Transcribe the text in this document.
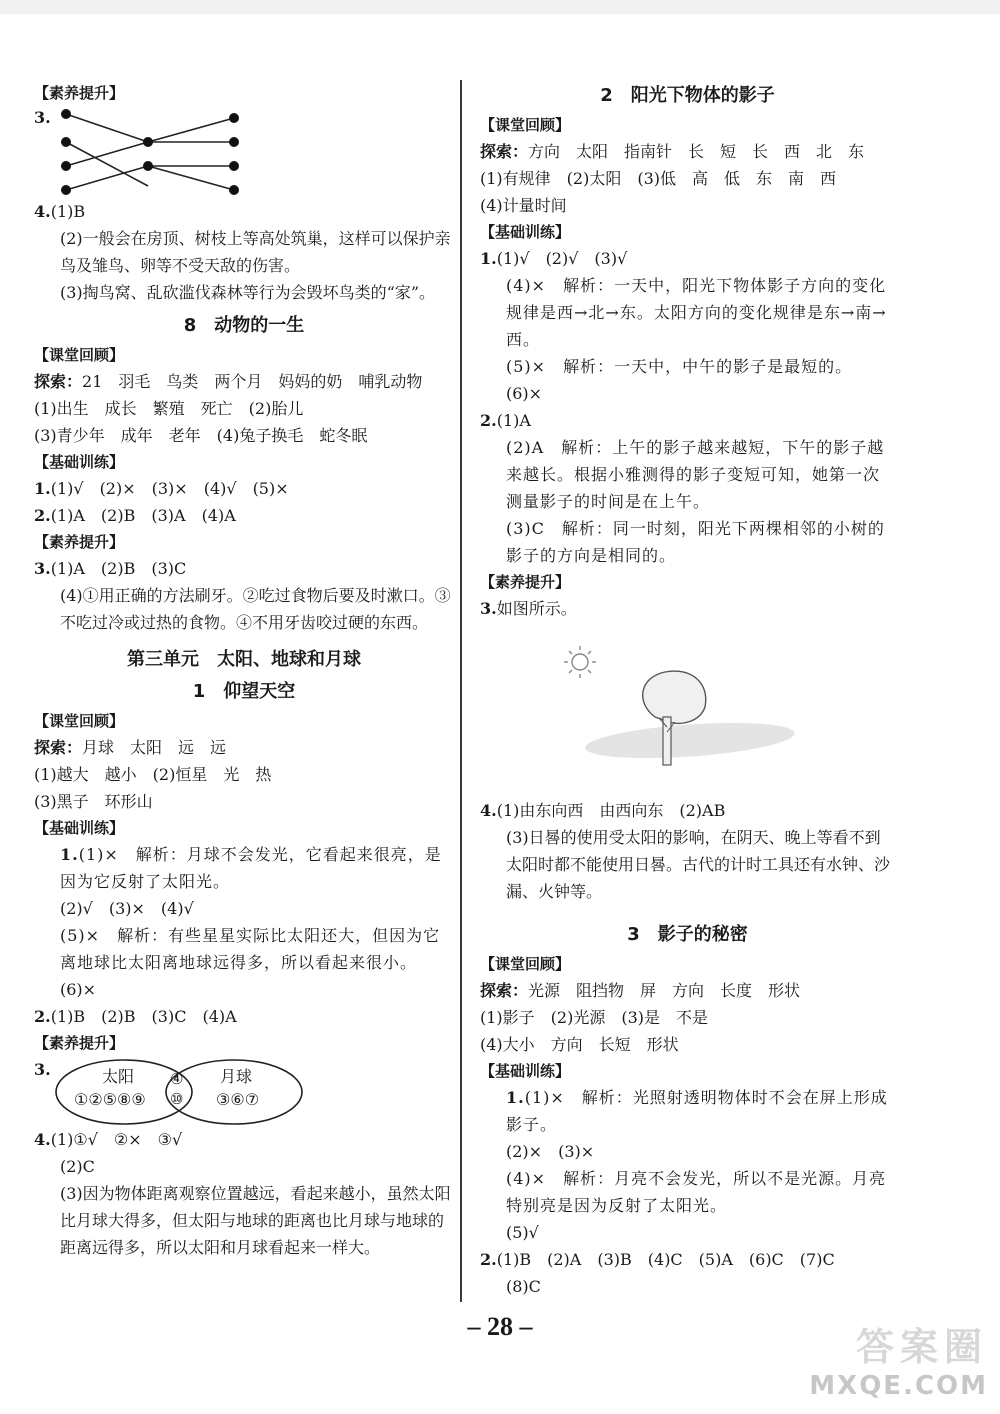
【素养提升】
3.
4.(1)B
(2)一般会在房顶、树枝上等高处筑巢，这样可以保护亲鸟及雏鸟、卵等不受天敌的伤害。
(3)掏鸟窝、乱砍滥伐森林等行为会毁坏鸟类的“家”。
8　动物的一生
【课堂回顾】
探索：21　羽毛　鸟类　两个月　妈妈的奶　哺乳动物
(1)出生　成长　繁殖　死亡　(2)胎儿
(3)青少年　成年　老年　(4)兔子换毛　蛇冬眠
【基础训练】
1.(1)√　(2)×　(3)×　(4)√　(5)×
2.(1)A　(2)B　(3)A　(4)A
【素养提升】
3.(1)A　(2)B　(3)C
(4)①用正确的方法刷牙。②吃过食物后要及时漱口。③不吃过冷或过热的食物。④不用牙齿咬过硬的东西。
第三单元　太阳、地球和月球
1　仰望天空
【课堂回顾】
探索：月球　太阳　远　远
(1)越大　越小　(2)恒星　光　热
(3)黑子　环形山
【基础训练】
1.(1)×　解析：月球不会发光，它看起来很亮，是因为它反射了太阳光。
(2)√　(3)×　(4)√
(5)×　解析：有些星星实际比太阳还大，但因为它离地球比太阳离地球远得多，所以看起来很小。
(6)×
2.(1)B　(2)B　(3)C　(4)A
【素养提升】
3.	太阳
①②⑤⑧⑨
④
⑩
月球
③⑥⑦
4.(1)①√　②×　③√
(2)C
(3)因为物体距离观察位置越远，看起来越小，虽然太阳比月球大得多，但太阳与地球的距离也比月球与地球的距离远得多，所以太阳和月球看起来一样大。
2　阳光下物体的影子
【课堂回顾】
探索：方向　太阳　指南针　长　短　长　西　北　东
(1)有规律　(2)太阳　(3)低　高　低　东　南　西
(4)计量时间
【基础训练】
1.(1)√　(2)√　(3)√
(4)×　解析：一天中，阳光下物体影子方向的变化规律是西→北→东。太阳方向的变化规律是东→南→西。
(5)×　解析：一天中，中午的影子是最短的。
(6)×
2.(1)A
(2)A　解析：上午的影子越来越短，下午的影子越来越长。根据小雅测得的影子变短可知，她第一次测量影子的时间是在上午。
(3)C　解析：同一时刻，阳光下两棵相邻的小树的影子的方向是相同的。
【素养提升】
3.如图所示。
4.(1)由东向西　由西向东　(2)AB
(3)日晷的使用受太阳的影响，在阴天、晚上等看不到太阳时都不能使用日晷。古代的计时工具还有水钟、沙漏、火钟等。
3　影子的秘密
【课堂回顾】
探索：光源　阻挡物　屏　方向　长度　形状
(1)影子　(2)光源　(3)是　不是
(4)大小　方向　长短　形状
【基础训练】
1.(1)×　解析：光照射透明物体时不会在屏上形成影子。
(2)×　(3)×
(4)×　解析：月亮不会发光，所以不是光源。月亮特别亮是因为反射了太阳光。
(5)√
2.(1)B　(2)A　(3)B　(4)C　(5)A　(6)C　(7)C
(8)C
– 28 –	答案圈
MXQE.COM
